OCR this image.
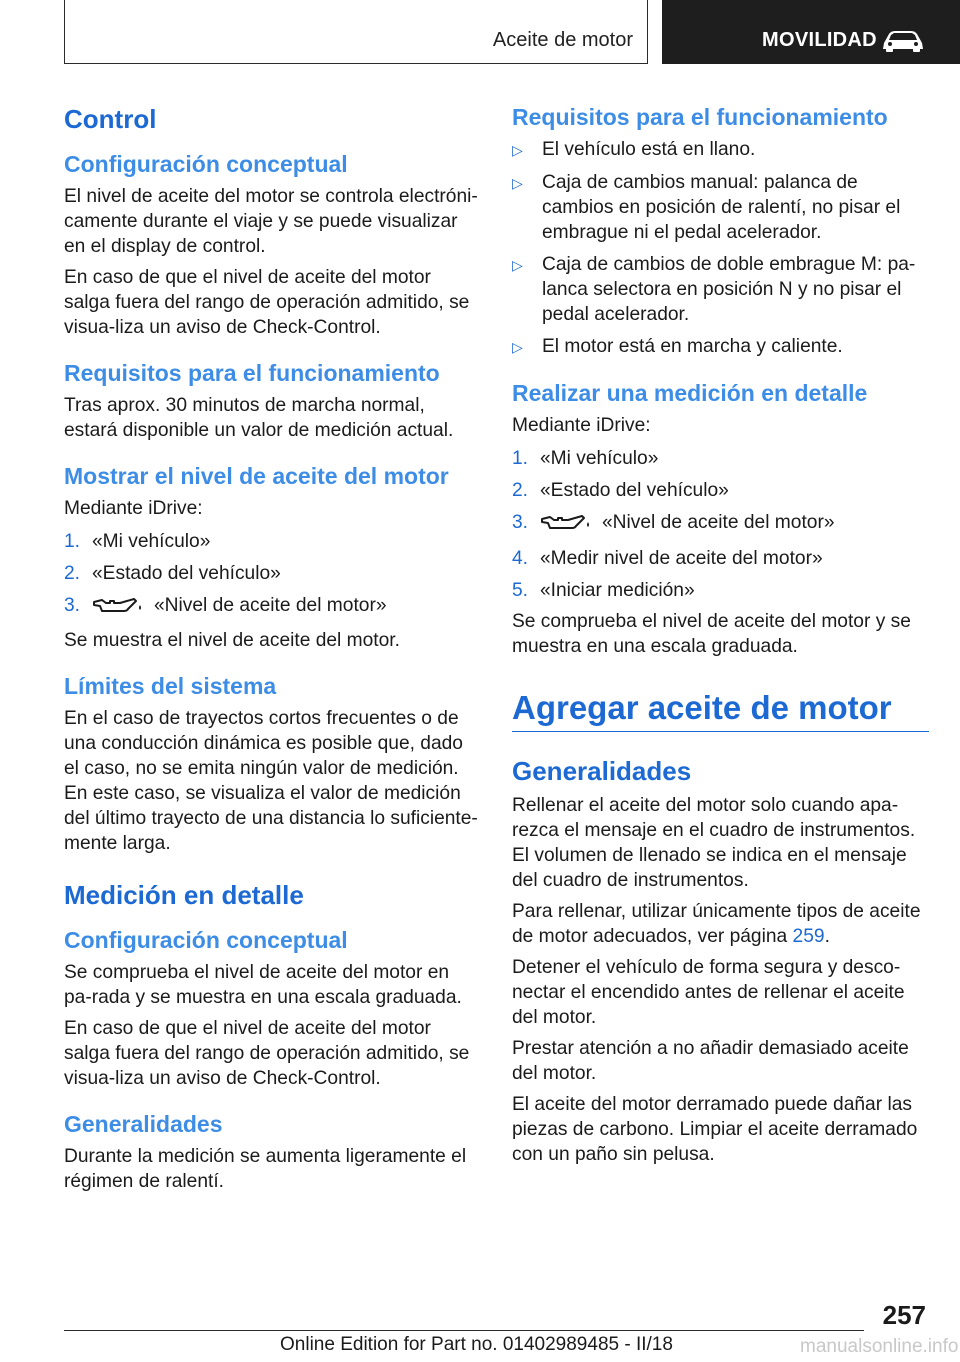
Aceite de motor	MOVILIDAD
Control
Configuración conceptual

El nivel de aceite del motor se controla electróni-camente durante el viaje y se puede visualizar en el display de control.

En caso de que el nivel de aceite del motor salga fuera del rango de operación admitido, se visua-liza un aviso de Check-Control.

Requisitos para el funcionamiento

Tras aprox. 30 minutos de marcha normal, estará disponible un valor de medición actual.

Mostrar el nivel de aceite del motor

Mediante iDrive:

1. «Mi vehículo»
2. «Estado del vehículo»
3.	«Nivel de aceite del motor»

Se muestra el nivel de aceite del motor.

Límites del sistema

En el caso de trayectos cortos frecuentes o de una conducción dinámica es posible que, dado el caso, no se emita ningún valor de medición. En este caso, se visualiza el valor de medición del último trayecto de una distancia lo suficiente-mente larga.

Medición en detalle
Configuración conceptual

Se comprueba el nivel de aceite del motor en pa-rada y se muestra en una escala graduada.

En caso de que el nivel de aceite del motor salga fuera del rango de operación admitido, se visua-liza un aviso de Check-Control.

Generalidades

Durante la medición se aumenta ligeramente el régimen de ralentí.

Requisitos para el funcionamiento
▷	El vehículo está en llano.
▷	Caja de cambios manual: palanca de cambios en posición de ralentí, no pisar el embrague ni el pedal acelerador.
▷	Caja de cambios de doble embrague M: pa-lanca selectora en posición N y no pisar el pedal acelerador.
▷	El motor está en marcha y caliente.
Realizar una medición en detalle

Mediante iDrive:

1. «Mi vehículo»
2. «Estado del vehículo»
3.	«Nivel de aceite del motor»
4. «Medir nivel de aceite del motor»
5. «Iniciar medición»

Se comprueba el nivel de aceite del motor y se muestra en una escala graduada.

Agregar aceite de motor
Generalidades

Rellenar el aceite del motor solo cuando apa-rezca el mensaje en el cuadro de instrumentos. El volumen de llenado se indica en el mensaje del cuadro de instrumentos.

Para rellenar, utilizar únicamente tipos de aceite de motor adecuados, ver página 259.

Detener el vehículo de forma segura y desco-nectar el encendido antes de rellenar el aceite del motor.

Prestar atención a no añadir demasiado aceite del motor.

El aceite del motor derramado puede dañar las piezas de carbono. Limpiar el aceite derramado con un paño sin pelusa.

257
Online Edition for Part no. 01402989485 - II/18	manualsonline.info
